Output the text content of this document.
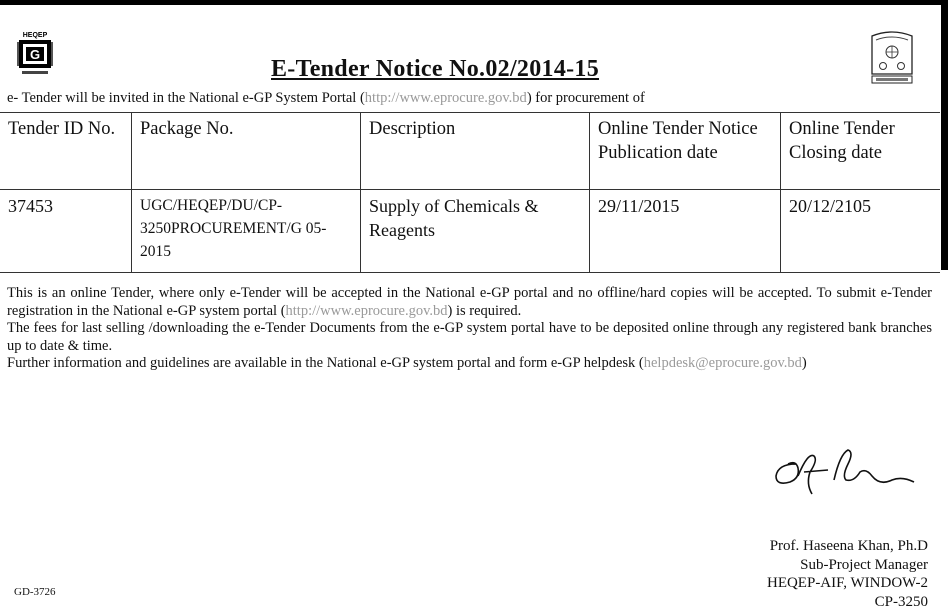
HEQEP
G
E-Tender Notice No.02/2014-15
e- Tender will be invited in the National e-GP System Portal (http://www.eprocure.gov.bd) for procurement of
Tender ID No.	Package No.	Description	Online Tender Notice Publication date	Online Tender Closing date
37453	UGC/HEQEP/DU/CP-3250PROCUREMENT/G 05-2015	Supply of Chemicals & Reagents	29/11/2015	20/12/2105

This is an online Tender, where only e-Tender will be accepted in the National e-GP portal and no offline/hard copies will be accepted. To submit e-Tender registration in the National e-GP system portal (http://www.eprocure.gov.bd) is required.

The fees for last selling /downloading the e-Tender Documents from the e-GP system portal have to be deposited online through any registered bank branches up to date & time.

Further information and guidelines are available in the National e-GP system portal and form e-GP helpdesk (helpdesk@eprocure.gov.bd)

Prof. Haseena Khan, Ph.D
Sub-Project Manager
HEQEP-AIF, WINDOW-2
CP-3250
GD-3726
